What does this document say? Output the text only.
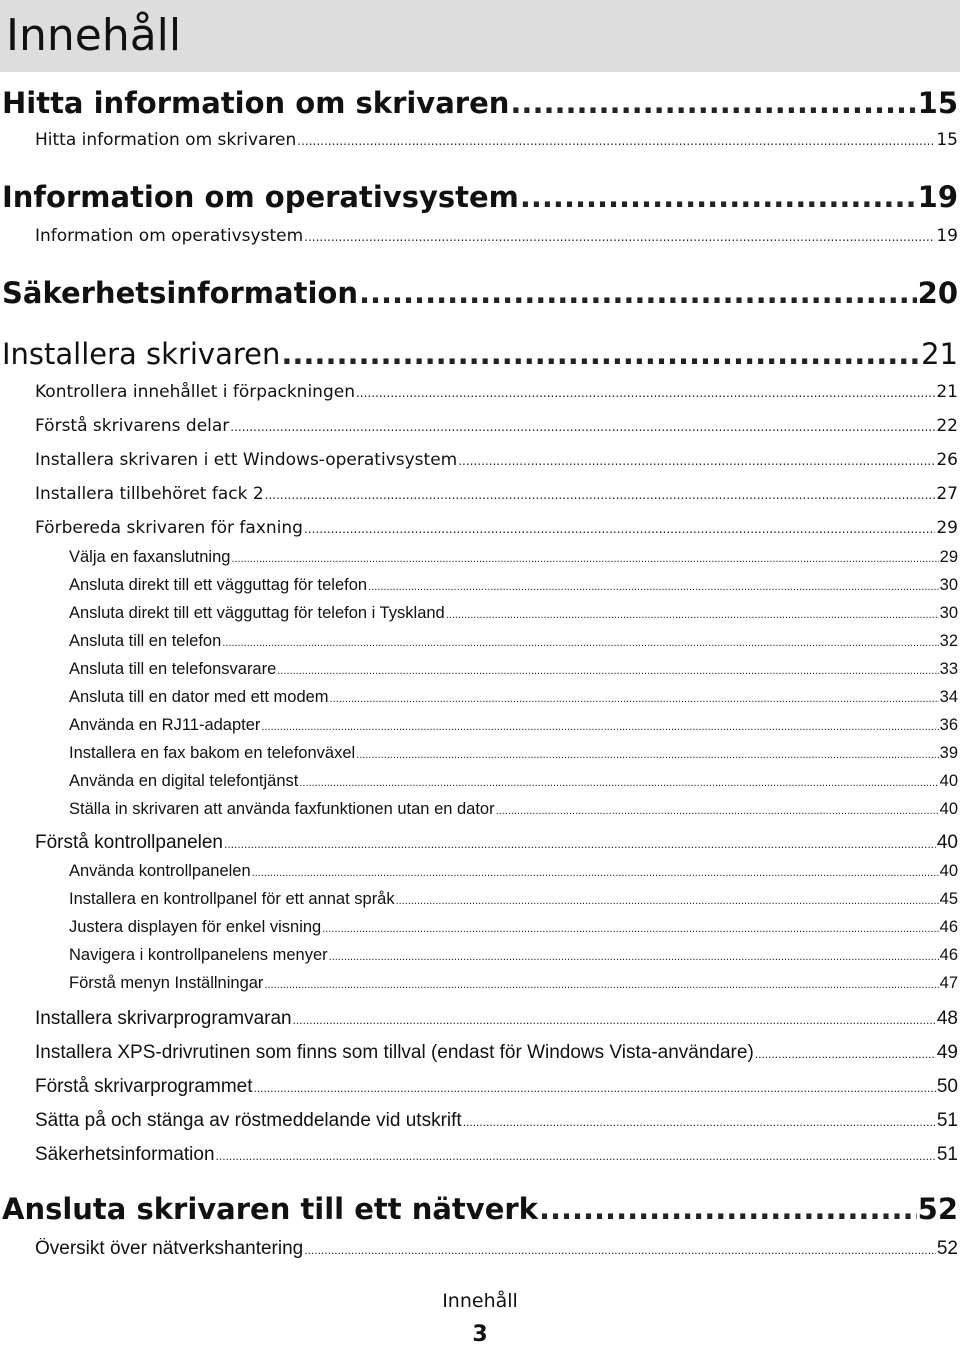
Innehåll
Hitta information om skrivaren .....	15
Hitta information om skrivaren .....	15
Information om operativsystem .....	19
Information om operativsystem .....	19
Säkerhetsinformation .....	20
Installera skrivaren .....	21
Kontrollera innehållet i förpackningen .....	21
Förstå skrivarens delar .....	22
Installera skrivaren i ett Windows-operativsystem .....	26
Installera tillbehöret fack 2 .....	27
Förbereda skrivaren för faxning .....	29
Välja en faxanslutning .....	29
Ansluta direkt till ett vägguttag för telefon .....	30
Ansluta direkt till ett vägguttag för telefon i Tyskland .....	30
Ansluta till en telefon .....	32
Ansluta till en telefonsvarare .....	33
Ansluta till en dator med ett modem .....	34
Använda en RJ11-adapter .....	36
Installera en fax bakom en telefonväxel .....	39
Använda en digital telefontjänst .....	40
Ställa in skrivaren att använda faxfunktionen utan en dator .....	40
Förstå kontrollpanelen .....	40
Använda kontrollpanelen .....	40
Installera en kontrollpanel för ett annat språk .....	45
Justera displayen för enkel visning .....	46
Navigera i kontrollpanelens menyer .....	46
Förstå menyn Inställningar .....	47
Installera skrivarprogramvaran .....	48
Installera XPS-drivrutinen som finns som tillval (endast för Windows Vista-användare) .....	49
Förstå skrivarprogrammet .....	50
Sätta på och stänga av röstmeddelande vid utskrift .....	51
Säkerhetsinformation .....	51
Ansluta skrivaren till ett nätverk .....	52
Översikt över nätverkshantering .....	52
Innehåll
3
